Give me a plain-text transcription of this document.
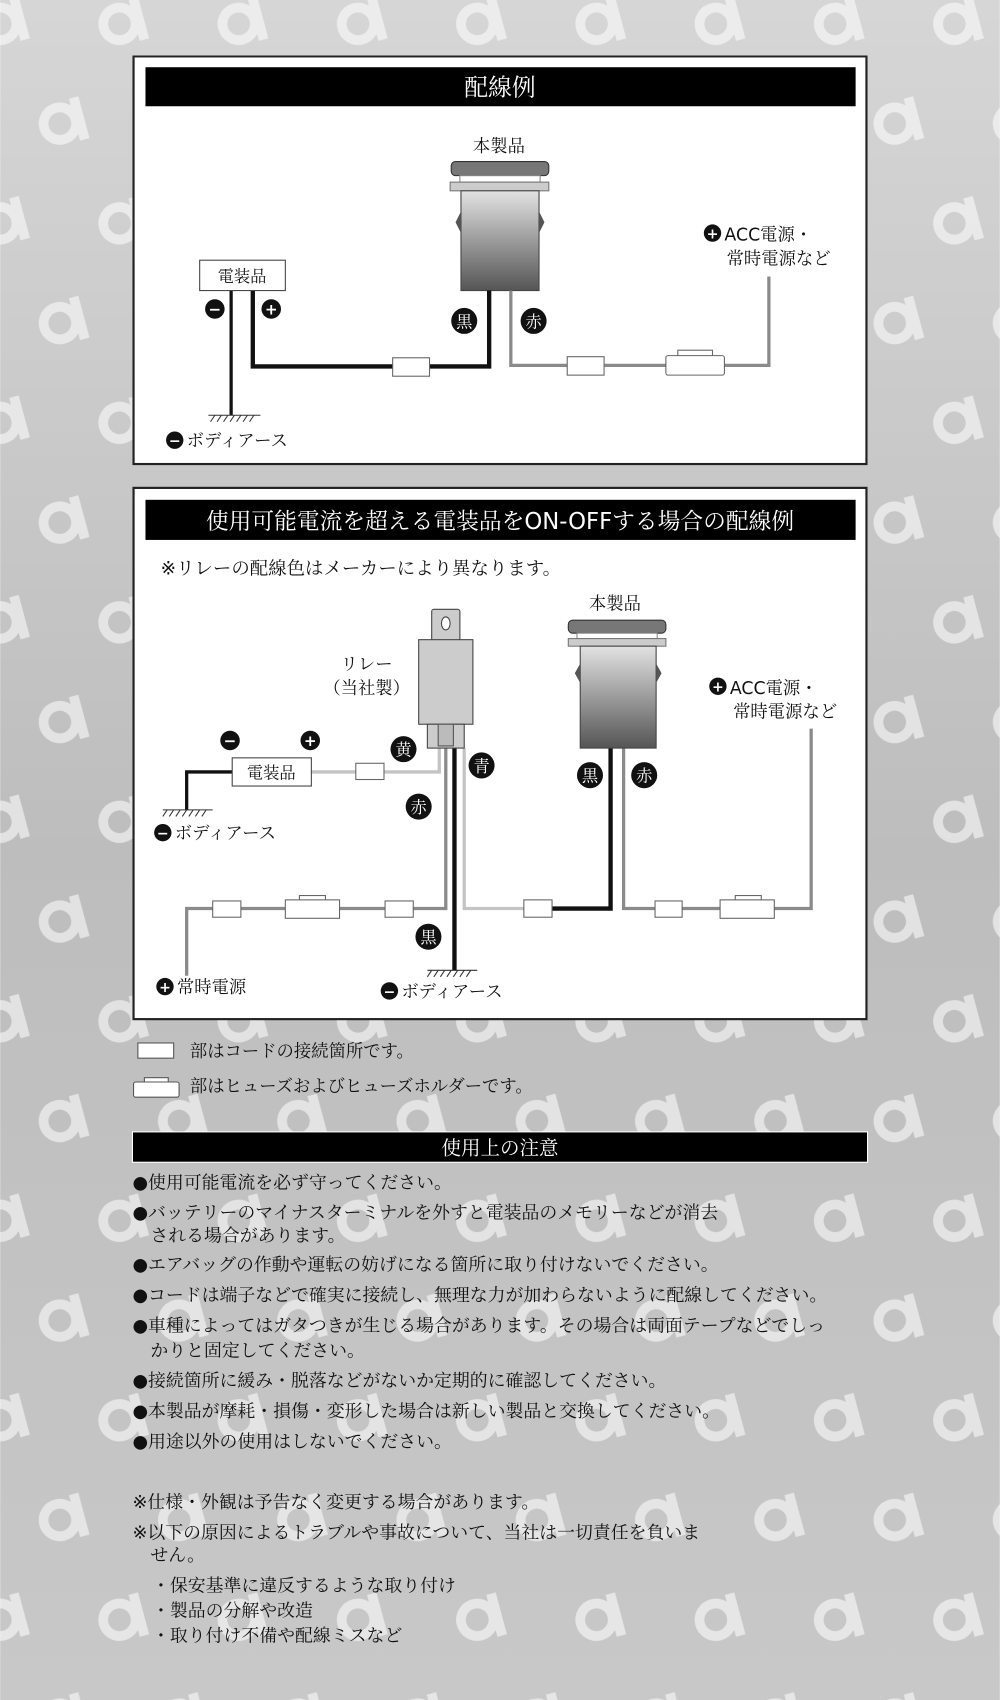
配線例
本製品
電装品
−	+
黒	赤
+ ACC電源・
常時電源など
− ボディアース
使用可能電流を超える電装品をON-OFFする場合の配線例
※リレーの配線色はメーカーにより異なります。
リレー
（当社製）
本製品
電装品
−	+	黄
青
赤
黒
黒	赤
+ ACC電源・
常時電源など
− ボディアース
+ 常時電源	− ボディアース
部はコードの接続箇所です。
部はヒューズおよびヒューズホルダーです。
使用上の注意
●使用可能電流を必ず守ってください。
●バッテリーのマイナスターミナルを外すと電装品のメモリーなどが消去
　される場合があります。
●エアバッグの作動や運転の妨げになる箇所に取り付けないでください。
●コードは端子などで確実に接続し、無理な力が加わらないように配線してください。
●車種によってはガタつきが生じる場合があります。その場合は両面テープなどでしっ
　かりと固定してください。
●接続箇所に緩み・脱落などがないか定期的に確認してください。
●本製品が摩耗・損傷・変形した場合は新しい製品と交換してください。
●用途以外の使用はしないでください。
※仕様・外観は予告なく変更する場合があります。
※以下の原因によるトラブルや事故について、当社は一切責任を負いま
　せん。
・保安基準に違反するような取り付け
・製品の分解や改造
・取り付け不備や配線ミスなど
